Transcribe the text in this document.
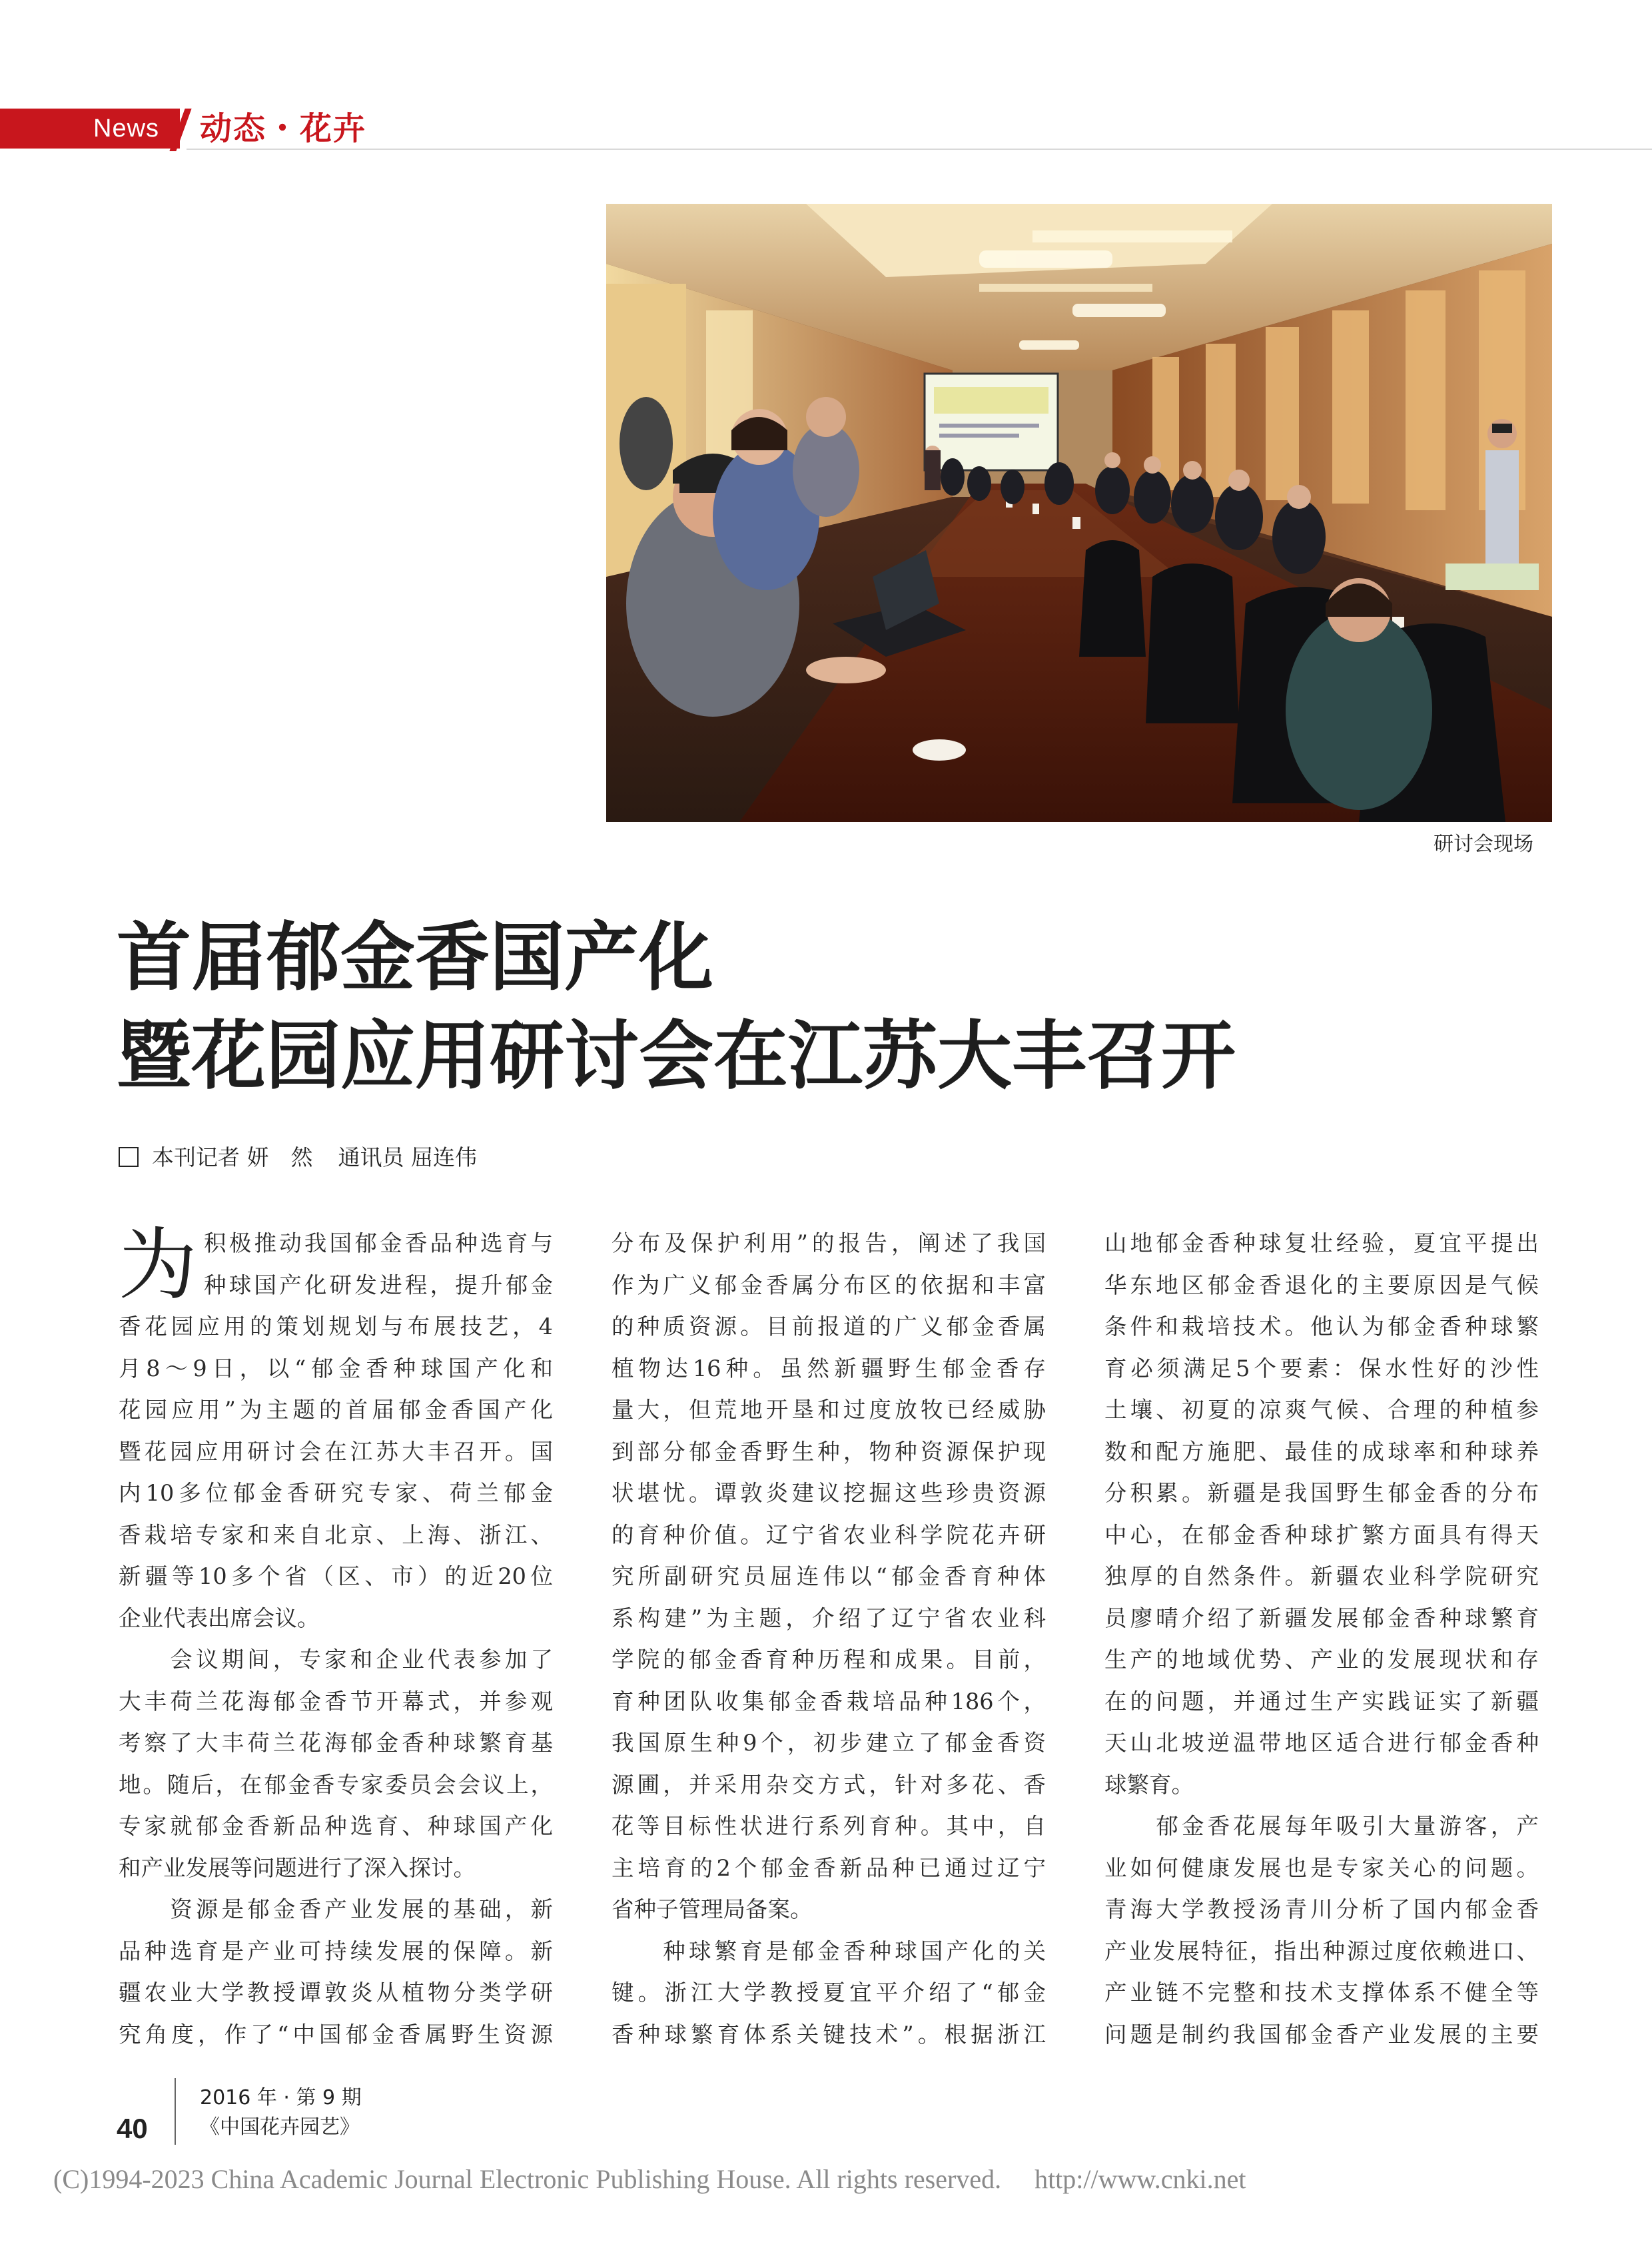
News 动态・花卉
研讨会现场
首届郁金香国产化
暨花园应用研讨会在江苏大丰召开
本刊记者 妍　然 通讯员 屈连伟
为 积极推动我国郁金香品种选育与

种球国产化研发进程，提升郁金

香花园应用的策划规划与布展技艺，4

月8～9日，以“郁金香种球国产化和

花园应用”为主题的首届郁金香国产化

暨花园应用研讨会在江苏大丰召开。国

内10多位郁金香研究专家、荷兰郁金

香栽培专家和来自北京、上海、浙江、

新疆等10多个省（区、市）的近20位

企业代表出席会议。

　　会议期间，专家和企业代表参加了

大丰荷兰花海郁金香节开幕式，并参观

考察了大丰荷兰花海郁金香种球繁育基

地。随后，在郁金香专家委员会会议上，

专家就郁金香新品种选育、种球国产化

和产业发展等问题进行了深入探讨。

　　资源是郁金香产业发展的基础，新

品种选育是产业可持续发展的保障。新

疆农业大学教授谭敦炎从植物分类学研

究角度，作了“中国郁金香属野生资源

分布及保护利用”的报告，阐述了我国

作为广义郁金香属分布区的依据和丰富

的种质资源。目前报道的广义郁金香属

植物达16种。虽然新疆野生郁金香存

量大，但荒地开垦和过度放牧已经威胁

到部分郁金香野生种，物种资源保护现

状堪忧。谭敦炎建议挖掘这些珍贵资源

的育种价值。辽宁省农业科学院花卉研

究所副研究员屈连伟以“郁金香育种体

系构建”为主题，介绍了辽宁省农业科

学院的郁金香育种历程和成果。目前，

育种团队收集郁金香栽培品种186个，

我国原生种9个，初步建立了郁金香资

源圃，并采用杂交方式，针对多花、香

花等目标性状进行系列育种。其中，自

主培育的2个郁金香新品种已通过辽宁

省种子管理局备案。

　　种球繁育是郁金香种球国产化的关

键。浙江大学教授夏宜平介绍了“郁金

香种球繁育体系关键技术”。根据浙江

山地郁金香种球复壮经验，夏宜平提出

华东地区郁金香退化的主要原因是气候

条件和栽培技术。他认为郁金香种球繁

育必须满足5个要素：保水性好的沙性

土壤、初夏的凉爽气候、合理的种植参

数和配方施肥、最佳的成球率和种球养

分积累。新疆是我国野生郁金香的分布

中心，在郁金香种球扩繁方面具有得天

独厚的自然条件。新疆农业科学院研究

员廖晴介绍了新疆发展郁金香种球繁育

生产的地域优势、产业的发展现状和存

在的问题，并通过生产实践证实了新疆

天山北坡逆温带地区适合进行郁金香种

球繁育。

　　郁金香花展每年吸引大量游客，产

业如何健康发展也是专家关心的问题。

青海大学教授汤青川分析了国内郁金香

产业发展特征，指出种源过度依赖进口、

产业链不完整和技术支撑体系不健全等

问题是制约我国郁金香产业发展的主要

40
2016 年 · 第 9 期
《中国花卉园艺》
(C)1994-2023 China Academic Journal Electronic Publishing House. All rights reserved.　 http://www.cnki.net
